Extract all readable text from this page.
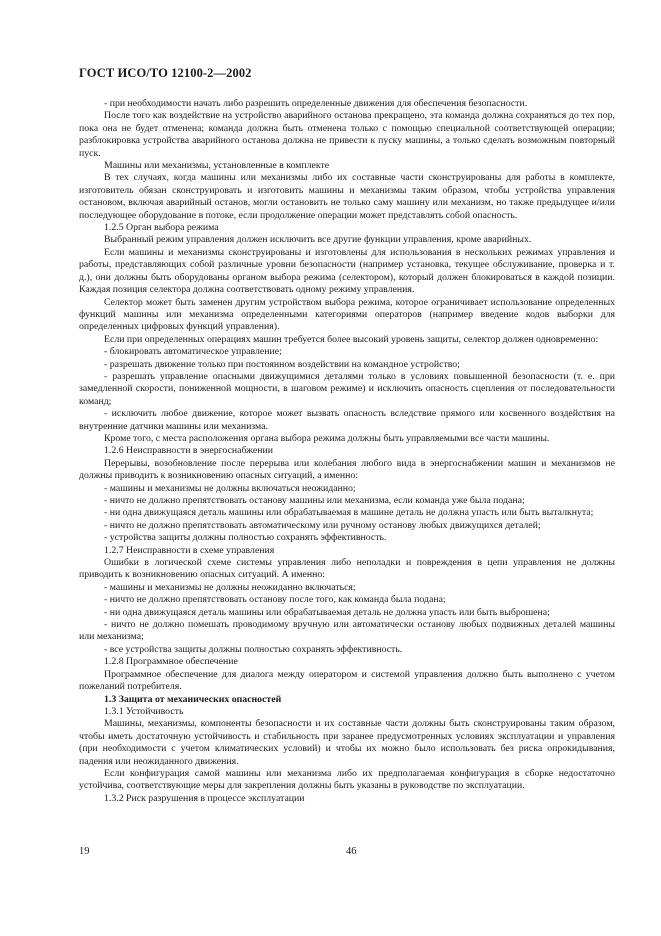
ГОСТ ИСО/ТО 12100-2—2002

- при необходимости начать либо разрешить определенные движения для обеспечения безопасности.

После того как воздействие на устройство аварийного останова прекращено, эта команда должна сохраняться до тех пор, пока она не будет отменена; команда должна быть отменена только с помощью специальной соответствующей операции; разблокировка устройства аварийного останова должна не привести к пуску машины, а только сделать возможным повторный пуск.

Машины или механизмы, установленные в комплекте

В тех случаях, когда машины или механизмы либо их составные части сконструированы для работы в комплекте, изготовитель обязан сконструировать и изготовить машины и механизмы таким образом, чтобы устройства управления остановом, включая аварийный останов, могли остановить не только саму машину или механизм, но также предыдущее и/или последующее оборудование в потоке, если продолжение операции может представлять собой опасность.

1.2.5 Орган выбора режима

Выбранный режим управления должен исключить все другие функции управления, кроме аварийных.

Если машины и механизмы сконструированы и изготовлены для использования в нескольких режимах управления и работы, представляющих собой различные уровни безопасности (например установка, текущее обслуживание, проверка и т. д.), они должны быть оборудованы органом выбора режима (селектором), который должен блокироваться в каждой позиции. Каждая позиция селектора должна соответствовать одному режиму управления.

Селектор может быть заменен другим устройством выбора режима, которое ограничивает использование определенных функций машины или механизма определенными категориями операторов (например введение кодов выборки для определенных цифровых функций управления).

Если при определенных операциях машин требуется более высокий уровень защиты, селектор должен одновременно:

- блокировать автоматическое управление;

- разрешать движение только при постоянном воздействии на командное устройство;

- разрешать управление опасными движущимися деталями только в условиях повышенной безопасности (т. е. при замедленной скорости, пониженной мощности, в шаговом режиме) и исключить опасность сцепления от последовательности команд;

- исключить любое движение, которое может вызвать опасность вследствие прямого или косвенного воздействия на внутренние датчики машины или механизма.

Кроме того, с места расположения органа выбора режима должны быть управляемыми все части машины.

1.2.6 Неисправности в энергоснабжении

Перерывы, возобновление после перерыва или колебания любого вида в энергоснабжении машин и механизмов не должны приводить к возникновению опасных ситуаций, а именно:

- машины и механизмы не должны включаться неожиданно;

- ничто не должно препятствовать останову машины или механизма, если команда уже была подана;

- ни одна движущаяся деталь машины или обрабатываемая в машине деталь не должна упасть или быть выталкнута;

- ничто не должно препятствовать автоматическому или ручному останову любых движущихся деталей;

- устройства защиты должны полностью сохранять эффективность.

1.2.7 Неисправности в схеме управления

Ошибки в логической схеме системы управления либо неполадки и повреждения в цепи управления не должны приводить к возникновению опасных ситуаций. А именно:

- машины и механизмы не должны неожиданно включаться;

- ничто не должно препятствовать останову после того, как команда была подана;

- ни одна движущаяся деталь машины или обрабатываемая деталь не должна упасть или быть выброшена;

- ничто не должно помешать проводимому вручную или автоматически останову любых подвижных деталей машины или механизма;

- все устройства защиты должны полностью сохранять эффективность.

1.2.8 Программное обеспечение

Программное обеспечение для диалога между оператором и системой управления должно быть выполнено с учетом пожеланий потребителя.

1.3 Защита от механических опасностей

1.3.1 Устойчивость

Машины, механизмы, компоненты безопасности и их составные части должны быть сконструированы таким образом, чтобы иметь достаточную устойчивость и стабильность при заранее предусмотренных условиях эксплуатации и управления (при необходимости с учетом климатических условий) и чтобы их можно было использовать без риска опрокидывания, падения или неожиданного движения.

Если конфигурация самой машины или механизма либо их предполагаемая конфигурация в сборке недостаточно устойчива, соответствующие меры для закрепления должны быть указаны в руководстве по эксплуатации.

1.3.2 Риск разрушения в процессе эксплуатации

19	46
